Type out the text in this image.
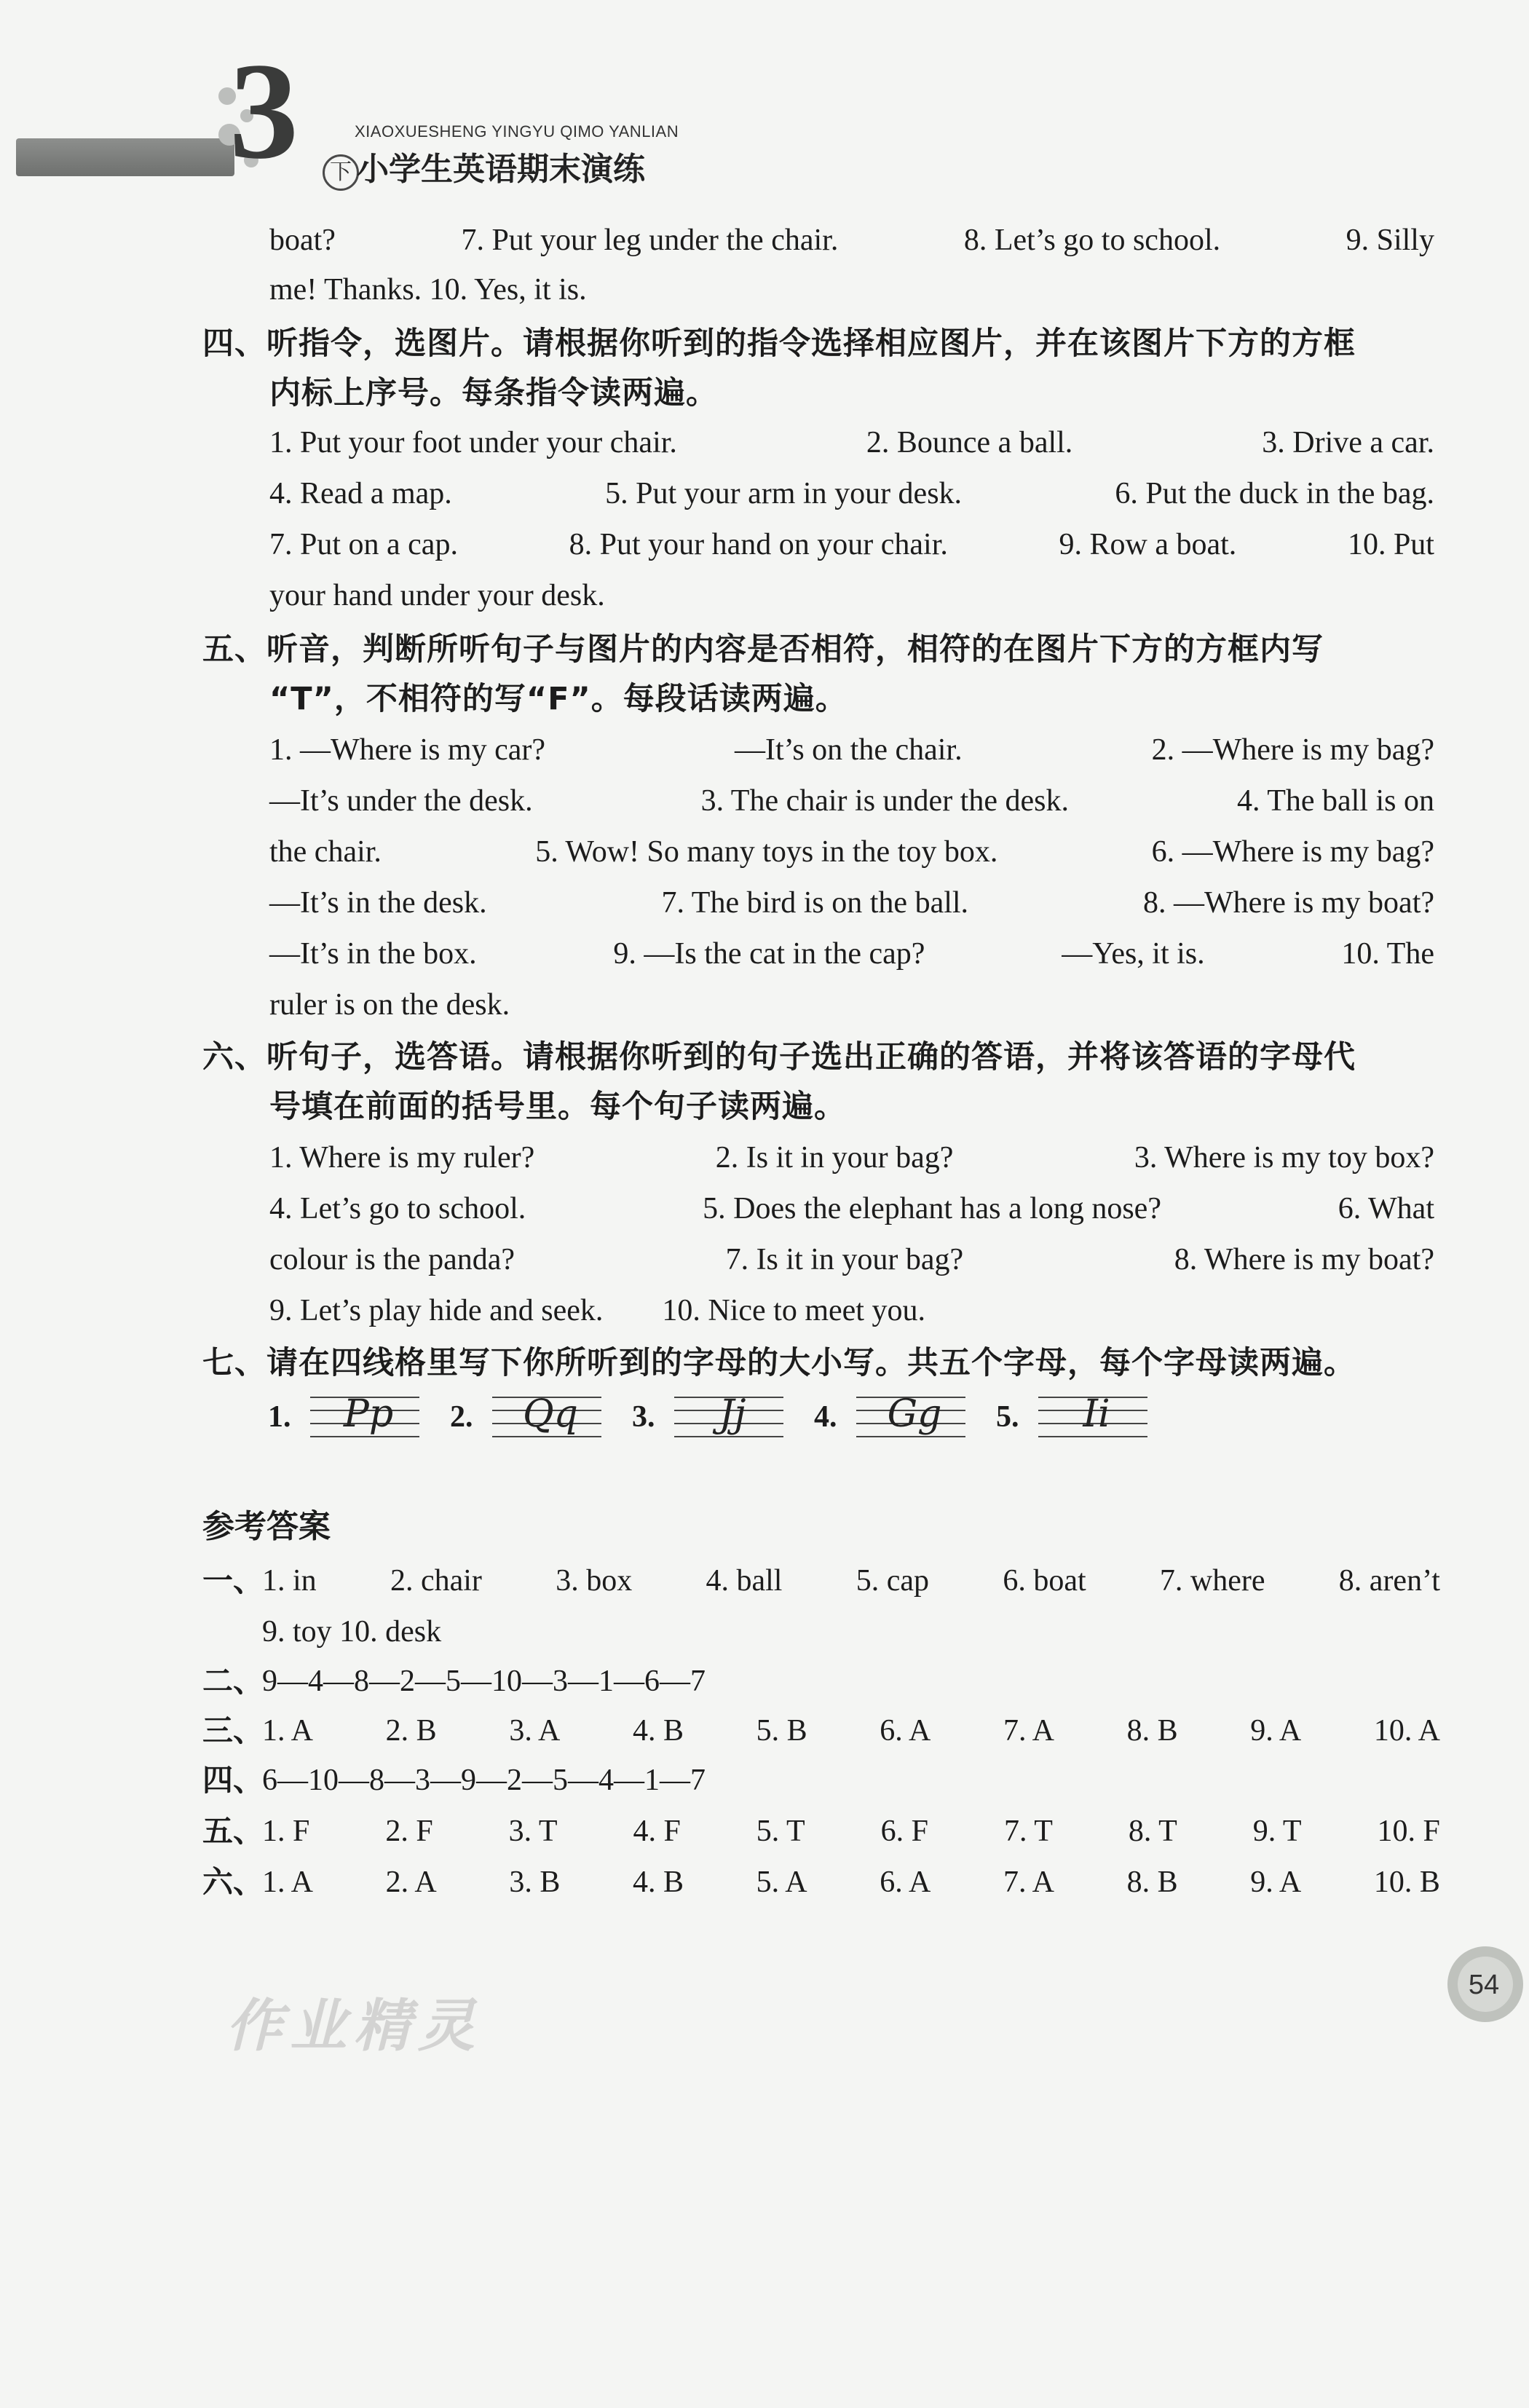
3	下
XIAOXUESHENG YINGYU QIMO YANLIAN
小学生英语期末演练
boat?	7. Put your leg under the chair.	8. Let’s go to school.	9. Silly
me! Thanks. 10. Yes, it is.
四、听指令，选图片。请根据你听到的指令选择相应图片，并在该图片下方的方框
内标上序号。每条指令读两遍。
1. Put your foot under your chair.	2. Bounce a ball.	3. Drive a car.
4. Read a map.	5. Put your arm in your desk.	6. Put the duck in the bag.
7. Put on a cap.	8. Put your hand on your chair.	9. Row a boat.	10. Put
your hand under your desk.
五、听音，判断所听句子与图片的内容是否相符，相符的在图片下方的方框内写
“T”，不相符的写“F”。每段话读两遍。
1. —Where is my car?	—It’s on the chair.	2. —Where is my bag?
—It’s under the desk.	3. The chair is under the desk.	4. The ball is on
the chair.	5. Wow! So many toys in the toy box.	6. —Where is my bag?
—It’s in the desk.	7. The bird is on the ball.	8. —Where is my boat?
—It’s in the box.	9. —Is the cat in the cap?	—Yes, it is.	10. The
ruler is on the desk.
六、听句子，选答语。请根据你听到的句子选出正确的答语，并将该答语的字母代
号填在前面的括号里。每个句子读两遍。
1. Where is my ruler?	2. Is it in your bag?	3. Where is my toy box?
4. Let’s go to school.	5. Does the elephant has a long nose?	6. What
colour is the panda?	7. Is it in your bag?	8. Where is my boat?
9. Let’s play hide and seek. 10. Nice to meet you.
七、请在四线格里写下你所听到的字母的大小写。共五个字母，每个字母读两遍。
1.	Pp	2.	Qq	3.	Jj	4.	Gg	5.	Ii
参考答案
一、
1. in 2. chair 3. box 4. ball 5. cap 6. boat 7. where 8. aren’t
9. toy 10. desk
二、
9—4—8—2—5—10—3—1—6—7
三、
1. A 2. B 3. A 4. B 5. B 6. A 7. A 8. B 9. A 10. A
四、
6—10—8—3—9—2—5—4—1—7
五、
1. F 2. F 3. T 4. F 5. T 6. F 7. T 8. T 9. T 10. F
六、
1. A 2. A 3. B 4. B 5. A 6. A 7. A 8. B 9. A 10. B
作业精灵
54
